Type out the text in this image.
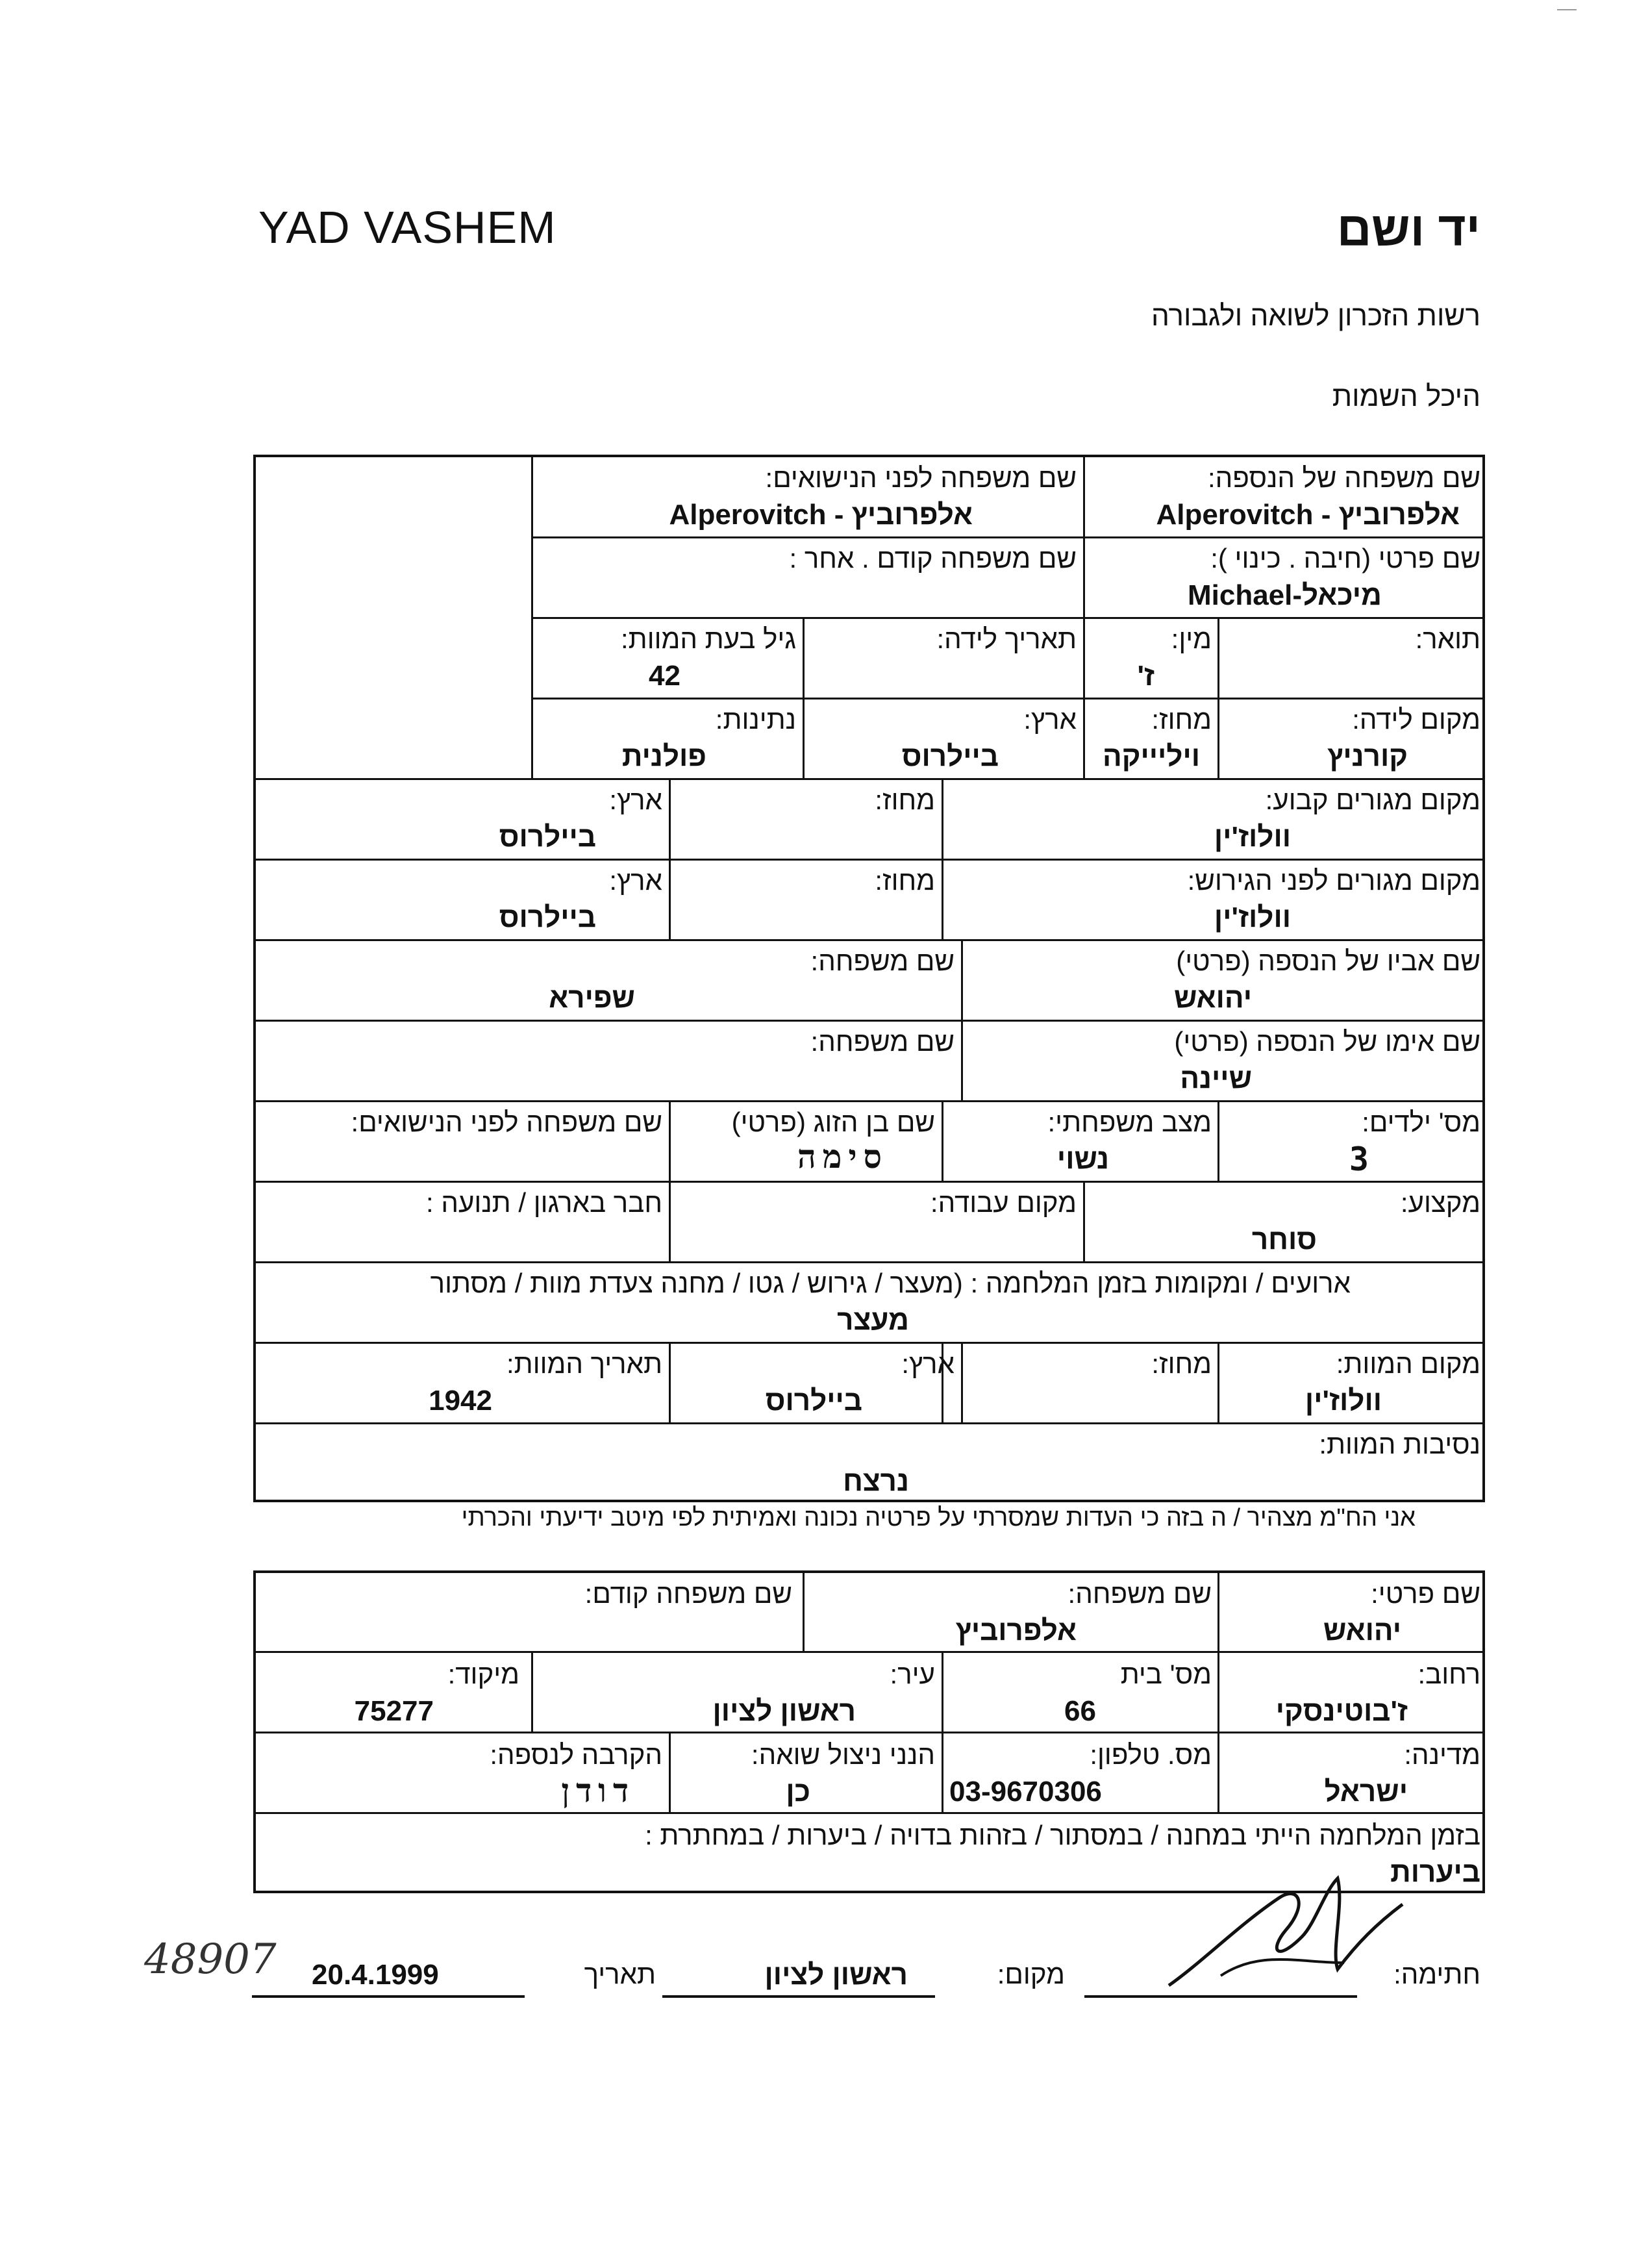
YAD VASHEM	יד ושם
רשות הזכרון לשואה ולגבורה
היכל השמות
שם משפחה של הנספה:
אלפרוביץ - Alperovitch
שם משפחה לפני הנישואים:
אלפרוביץ - Alperovitch
שם פרטי (חיבה . כינוי ):
מיכאל-Michael
שם משפחה קודם . אחר :
תואר:
מין:
ז'
תאריך לידה:
גיל בעת המוות:
42
מקום לידה:
קורניץ
מחוז:
ויליייקה
ארץ:
ביילרוס
נתינות:
פולנית
מקום מגורים קבוע:
וולוז'ין
מחוז:
ארץ:
ביילרוס
מקום מגורים לפני הגירוש:
וולוז'ין
מחוז:
ארץ:
ביילרוס
שם אביו של הנספה (פרטי)
יהואש
שם משפחה:
שפירא
שם אימו של הנספה (פרטי)
שיינה
שם משפחה:
מס' ילדים:
3
מצב משפחתי:
נשוי
שם בן הזוג (פרטי)
סימה
שם משפחה לפני הנישואים:
מקצוע:
סוחר
מקום עבודה:
חבר בארגון / תנועה :
ארועים / ומקומות בזמן המלחמה : (מעצר / גירוש / גטו / מחנה צעדת מוות / מסתור
מעצר
מקום המוות:
וולוז'ין
מחוז:
ארץ:
ביילרוס
תאריך המוות:
1942
נסיבות המוות:
נרצח
אני הח"מ מצהיר / ה בזה כי העדות שמסרתי על פרטיה נכונה ואמיתית לפי מיטב ידיעתי והכרתי
שם פרטי:
יהואש
שם משפחה:
אלפרוביץ
שם משפחה קודם:
רחוב:
ז'בוטינסקי
מס' בית
66
עיר:
ראשון לציון
מיקוד:
75277
מדינה:
ישראל
מס. טלפון:
03-9670306
הנני ניצול שואה:
כן
הקרבה לנספה:
דודן
בזמן המלחמה הייתי במחנה / במסתור / בזהות בדויה / ביערות / במחתרת :
ביערות
חתימה:
מקום:
ראשון לציון
תאריך
20.4.1999
48907
